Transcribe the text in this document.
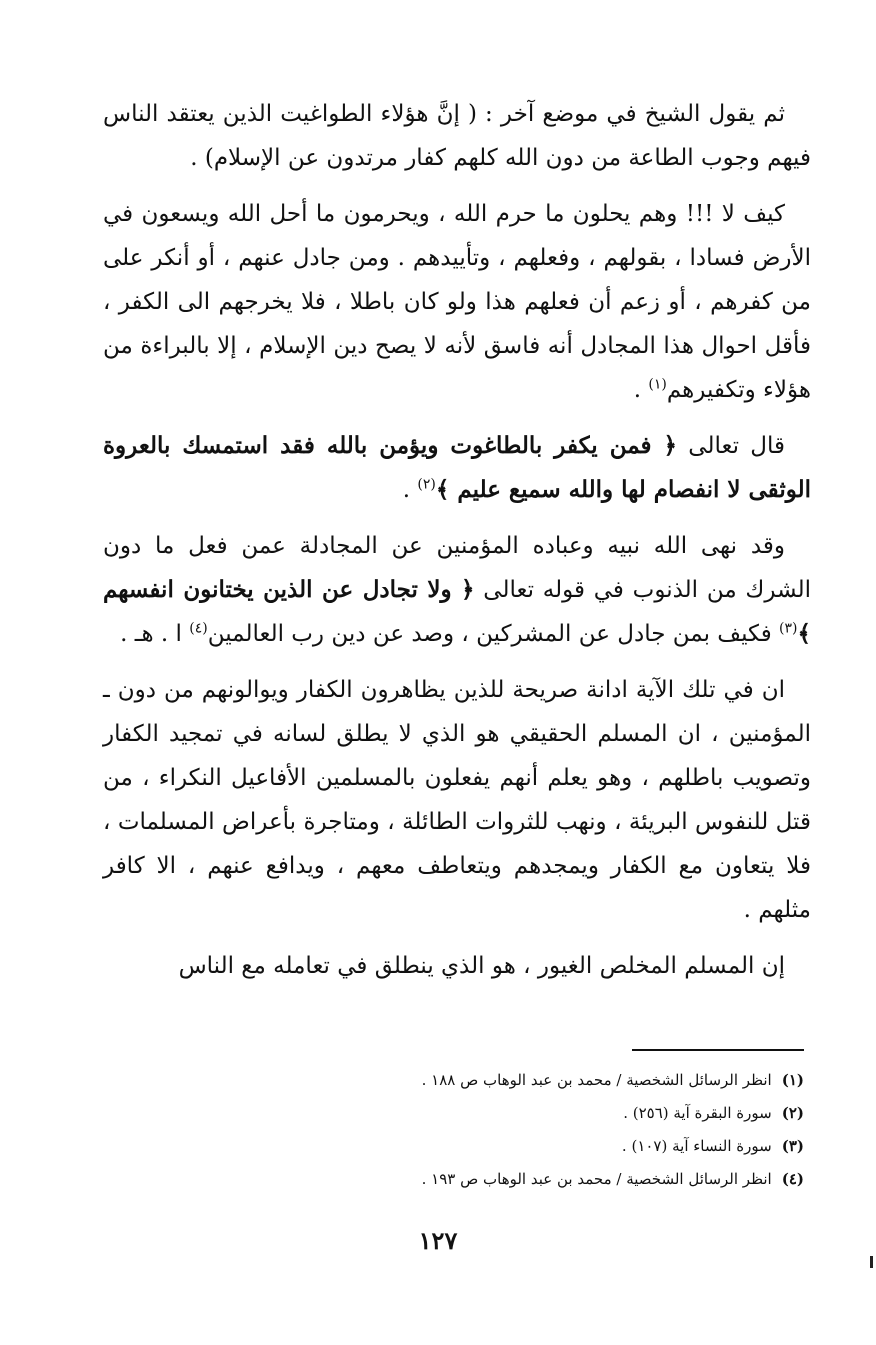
ثم يقول الشيخ في موضع آخر : ( إنَّ هؤلاء الطواغيت الذين يعتقد الناس فيهم وجوب الطاعة من دون الله كلهم كفار مرتدون عن الإسلام) .

كيف لا !!! وهم يحلون ما حرم الله ، ويحرمون ما أحل الله ويسعون في الأرض فسادا ، بقولهم ، وفعلهم ، وتأييدهم . ومن جادل عنهم ، أو أنكر على من كفرهم ، أو زعم أن فعلهم هذا ولو كان باطلا ، فلا يخرجهم الى الكفر ، فأقل احوال هذا المجادل أنه فاسق لأنه لا يصح دين الإسلام ، إلا بالبراءة من هؤلاء وتكفيرهم$^{(١)}$ .

قال تعالى ﴿ فمن يكفر بالطاغوت ويؤمن بالله فقد استمسك بالعروة الوثقى لا انفصام لها والله سميع عليم ﴾$^{(٢)}$ .

وقد نهى الله نبيه وعباده المؤمنين عن المجادلة عمن فعل ما دون الشرك من الذنوب في قوله تعالى ﴿ ولا تجادل عن الذين يختانون انفسهم ﴾$^{(٣)}$ فكيف بمن جادل عن المشركين ، وصد عن دين رب العالمين$^{(٤)}$ ا . هـ .

ان في تلك الآية ادانة صريحة للذين يظاهرون الكفار ويوالونهم من دون ـ المؤمنين ، ان المسلم الحقيقي هو الذي لا يطلق لسانه في تمجيد الكفار وتصويب باطلهم ، وهو يعلم أنهم يفعلون بالمسلمين الأفاعيل النكراء ، من قتل للنفوس البريئة ، ونهب للثروات الطائلة ، ومتاجرة بأعراض المسلمات ، فلا يتعاون مع الكفار ويمجدهم ويتعاطف معهم ، ويدافع عنهم ، الا كافر مثلهم .

إن المسلم المخلص الغيور ، هو الذي ينطلق في تعامله مع الناس

(١)انظر الرسائل الشخصية / محمد بن عبد الوهاب ص ١٨٨ .
(٢)سورة البقرة آية (٢٥٦) .
(٣)سورة النساء آية (١٠٧) .
(٤)انظر الرسائل الشخصية / محمد بن عبد الوهاب ص ١٩٣ .
١٢٧
